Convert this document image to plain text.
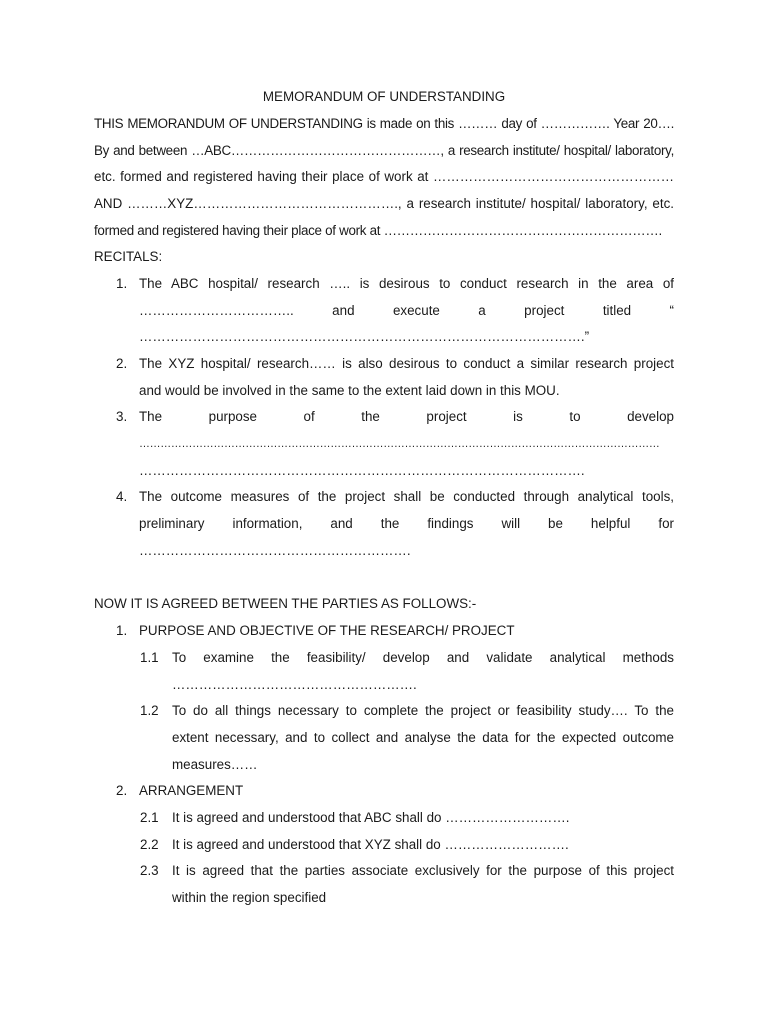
MEMORANDUM OF UNDERSTANDING
THIS MEMORANDUM OF UNDERSTANDING is made on this ……… day of ……………. Year 20….
By and between …ABC…………………………………………, a research institute/ hospital/ laboratory,
etc. formed and registered having their place of work at ………………………………………………
AND ………XYZ………………………………………., a research institute/ hospital/ laboratory, etc.
formed and registered having their place of work at ……………………………………………………….
RECITALS:
1. The ABC hospital/ research ….. is desirous to conduct research in the area of
…………………………….. and execute a project titled “
……………………………………………………………………………………….”
2. The XYZ hospital/ research…… is also desirous to conduct a similar research project
and would be involved in the same to the extent laid down in this MOU.
3. The purpose of the project is to develop
…………………………………………………………………………………………………………………………………
……………………………………………………………………………………….
4. The outcome measures of the project shall be conducted through analytical tools,
preliminary information, and the findings will be helpful for
…………………………………………………….
NOW IT IS AGREED BETWEEN THE PARTIES AS FOLLOWS:-
1. PURPOSE AND OBJECTIVE OF THE RESEARCH/ PROJECT
1.1 To examine the feasibility/ develop and validate analytical methods
……………………………………………….
1.2 To do all things necessary to complete the project or feasibility study…. To the
extent necessary, and to collect and analyse the data for the expected outcome
measures……
2. ARRANGEMENT
2.1 It is agreed and understood that ABC shall do ……………………….
2.2 It is agreed and understood that XYZ shall do ……………………….
2.3 It is agreed that the parties associate exclusively for the purpose of this project
within the region specified
